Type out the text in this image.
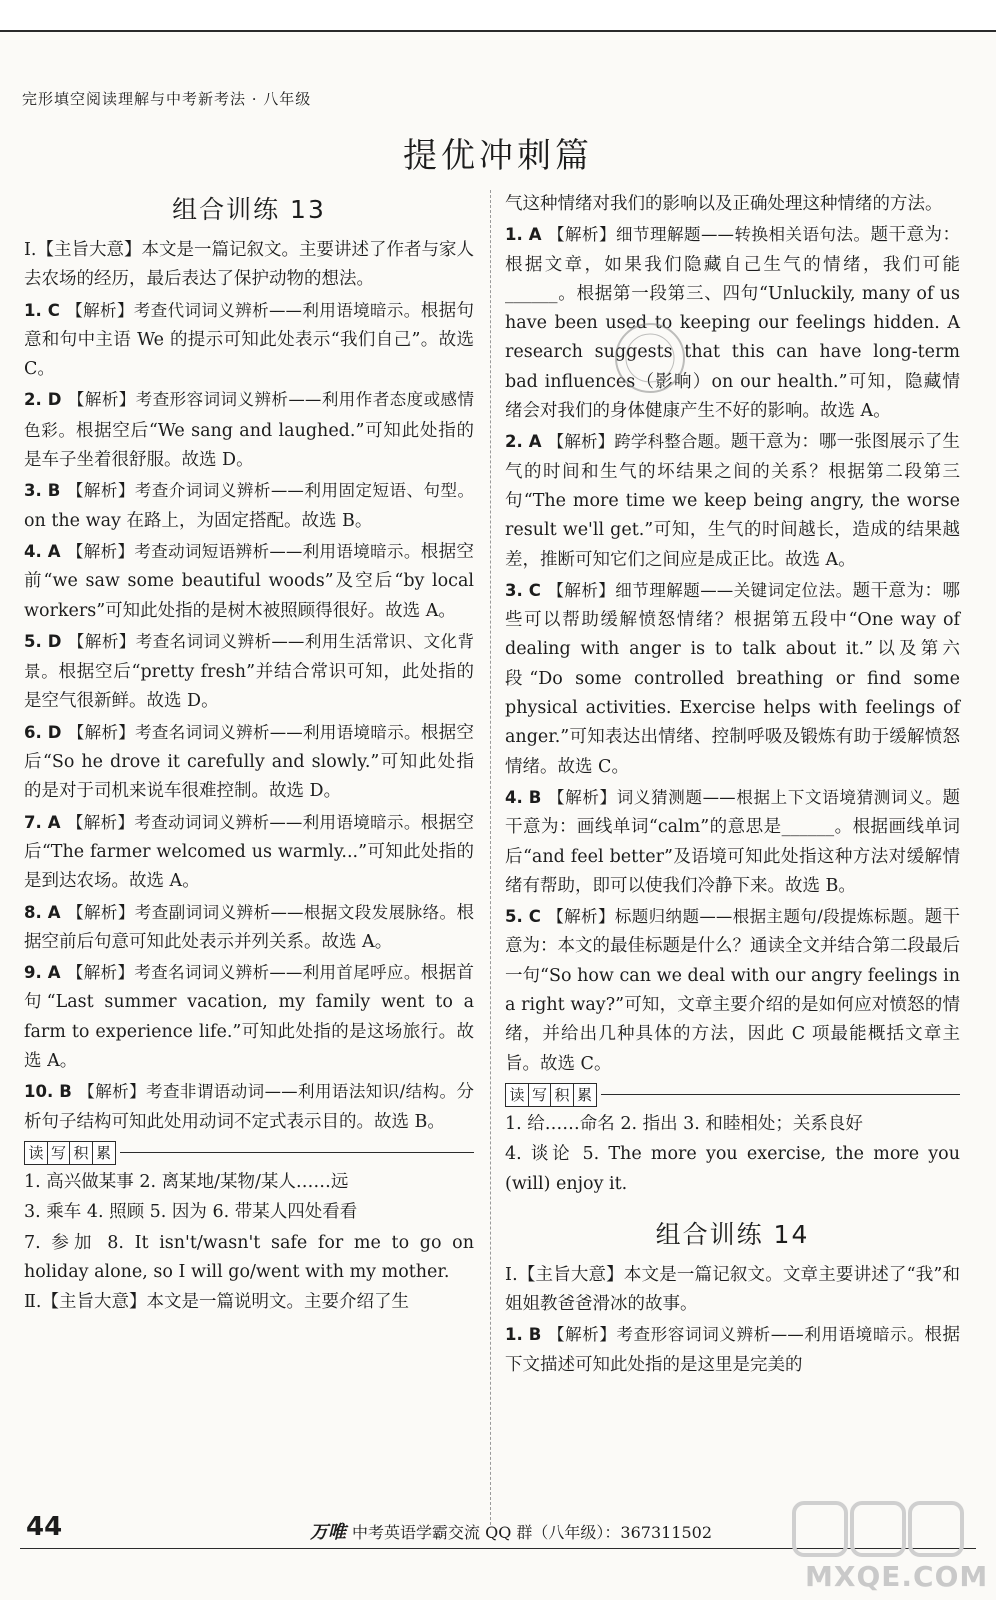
完形填空阅读理解与中考新考法 · 八年级
提优冲刺篇
组合训练 13

Ⅰ.【主旨大意】本文是一篇记叙文。主要讲述了作者与家人去农场的经历，最后表达了保护动物的想法。

1. C 【解析】考查代词词义辨析——利用语境暗示。根据句意和句中主语 We 的提示可知此处表示“我们自己”。故选 C。

2. D 【解析】考查形容词词义辨析——利用作者态度或感情色彩。根据空后“We sang and laughed.”可知此处指的是车子坐着很舒服。故选 D。

3. B 【解析】考查介词词义辨析——利用固定短语、句型。on the way 在路上，为固定搭配。故选 B。

4. A 【解析】考查动词短语辨析——利用语境暗示。根据空前“we saw some beautiful woods”及空后“by local workers”可知此处指的是树木被照顾得很好。故选 A。

5. D 【解析】考查名词词义辨析——利用生活常识、文化背景。根据空后“pretty fresh”并结合常识可知，此处指的是空气很新鲜。故选 D。

6. D 【解析】考查名词词义辨析——利用语境暗示。根据空后“So he drove it carefully and slowly.”可知此处指的是对于司机来说车很难控制。故选 D。

7. A 【解析】考查动词词义辨析——利用语境暗示。根据空后“The farmer welcomed us warmly...”可知此处指的是到达农场。故选 A。

8. A 【解析】考查副词词义辨析——根据文段发展脉络。根据空前后句意可知此处表示并列关系。故选 A。

9. A 【解析】考查名词词义辨析——利用首尾呼应。根据首句“Last summer vacation, my family went to a farm to experience life.”可知此处指的是这场旅行。故选 A。

10. B 【解析】考查非谓语动词——利用语法知识/结构。分析句子结构可知此处用动词不定式表示目的。故选 B。

读 写 积 累

1. 高兴做某事 2. 离某地/某物/某人……远

3. 乘车 4. 照顾 5. 因为 6. 带某人四处看看

7. 参加 8. It isn't/wasn't safe for me to go on holiday alone, so I will go/went with my mother.

Ⅱ.【主旨大意】本文是一篇说明文。主要介绍了生

气这种情绪对我们的影响以及正确处理这种情绪的方法。

1. A 【解析】细节理解题——转换相关语句法。题干意为：根据文章，如果我们隐藏自己生气的情绪，我们可能______。根据第一段第三、四句“Unluckily, many of us have been used to keeping our feelings hidden. A research suggests that this can have long-term bad influences（影响）on our health.”可知，隐藏情绪会对我们的身体健康产生不好的影响。故选 A。

2. A 【解析】跨学科整合题。题干意为：哪一张图展示了生气的时间和生气的坏结果之间的关系？根据第二段第三句“The more time we keep being angry, the worse result we'll get.”可知，生气的时间越长，造成的结果越差，推断可知它们之间应是成正比。故选 A。

3. C 【解析】细节理解题——关键词定位法。题干意为：哪些可以帮助缓解愤怒情绪？根据第五段中“One way of dealing with anger is to talk about it.”以及第六段“Do some controlled breathing or find some physical activities. Exercise helps with feelings of anger.”可知表达出情绪、控制呼吸及锻炼有助于缓解愤怒情绪。故选 C。

4. B 【解析】词义猜测题——根据上下文语境猜测词义。题干意为：画线单词“calm”的意思是______。根据画线单词后“and feel better”及语境可知此处指这种方法对缓解情绪有帮助，即可以使我们冷静下来。故选 B。

5. C 【解析】标题归纳题——根据主题句/段提炼标题。题干意为：本文的最佳标题是什么？通读全文并结合第二段最后一句“So how can we deal with our angry feelings in a right way?”可知，文章主要介绍的是如何应对愤怒的情绪，并给出几种具体的方法，因此 C 项最能概括文章主旨。故选 C。

读 写 积 累

1. 给……命名 2. 指出 3. 和睦相处；关系良好

4. 谈论 5. The more you exercise, the more you (will) enjoy it.

组合训练 14

Ⅰ.【主旨大意】本文是一篇记叙文。文章主要讲述了“我”和姐姐教爸爸滑冰的故事。

1. B 【解析】考查形容词词义辨析——利用语境暗示。根据下文描述可知此处指的是这里是完美的

44	万唯 中考英语学霸交流 QQ 群（八年级）：367311502
MXQE.COM
